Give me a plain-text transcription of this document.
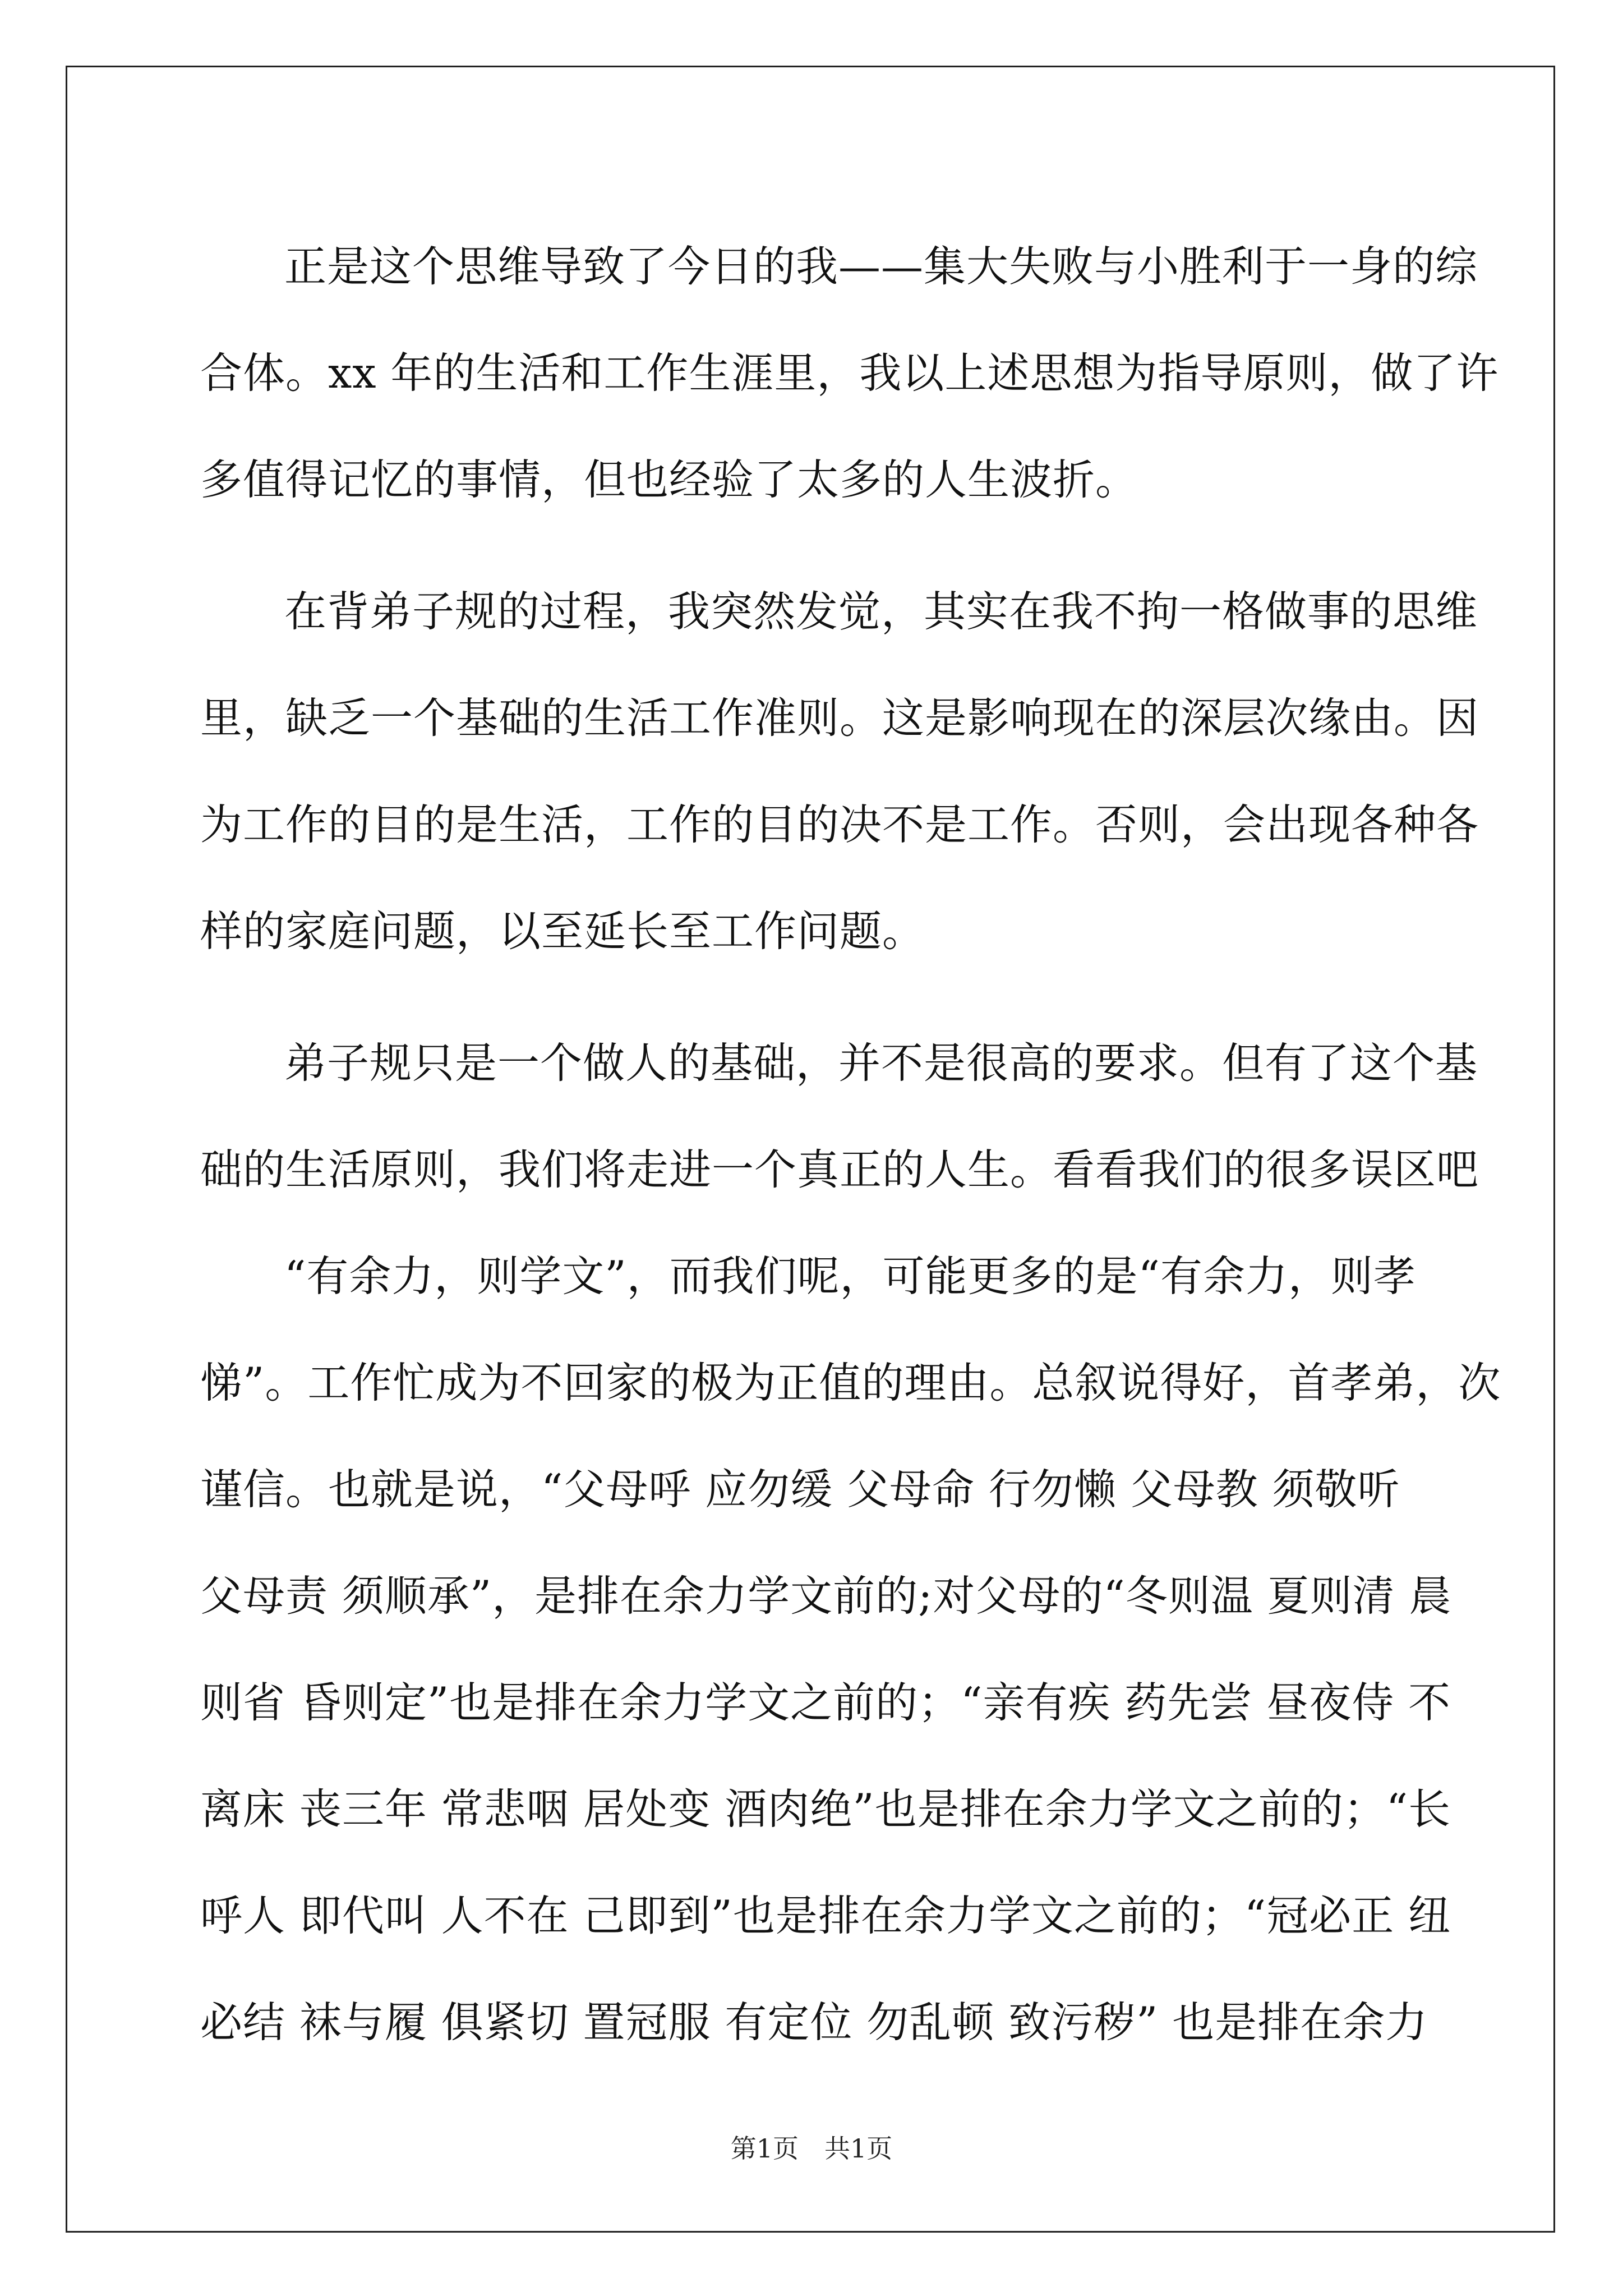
正是这个思维导致了今日的我——集大失败与小胜利于一身的综
合体。xx 年的生活和工作生涯里，我以上述思想为指导原则，做了许
多值得记忆的事情，但也经验了太多的人生波折。
在背弟子规的过程，我突然发觉，其实在我不拘一格做事的思维
里，缺乏一个基础的生活工作准则。这是影响现在的深层次缘由。因
为工作的目的是生活，工作的目的决不是工作。否则，会出现各种各
样的家庭问题，以至延长至工作问题。
弟子规只是一个做人的基础，并不是很高的要求。但有了这个基
础的生活原则，我们将走进一个真正的人生。看看我们的很多误区吧
“有余力，则学文”，而我们呢，可能更多的是“有余力，则孝
悌”。工作忙成为不回家的极为正值的理由。总叙说得好，首孝弟，次
谨信。也就是说，“父母呼 应勿缓 父母命 行勿懒 父母教 须敬听
父母责 须顺承”，是排在余力学文前的;对父母的“冬则温 夏则清 晨
则省 昏则定”也是排在余力学文之前的；“亲有疾 药先尝 昼夜侍 不
离床 丧三年 常悲咽 居处变 酒肉绝”也是排在余力学文之前的；“长
呼人 即代叫 人不在 己即到”也是排在余力学文之前的；“冠必正 纽
必结 袜与履 俱紧切 置冠服 有定位 勿乱顿 致污秽” 也是排在余力
第1页　共1页
